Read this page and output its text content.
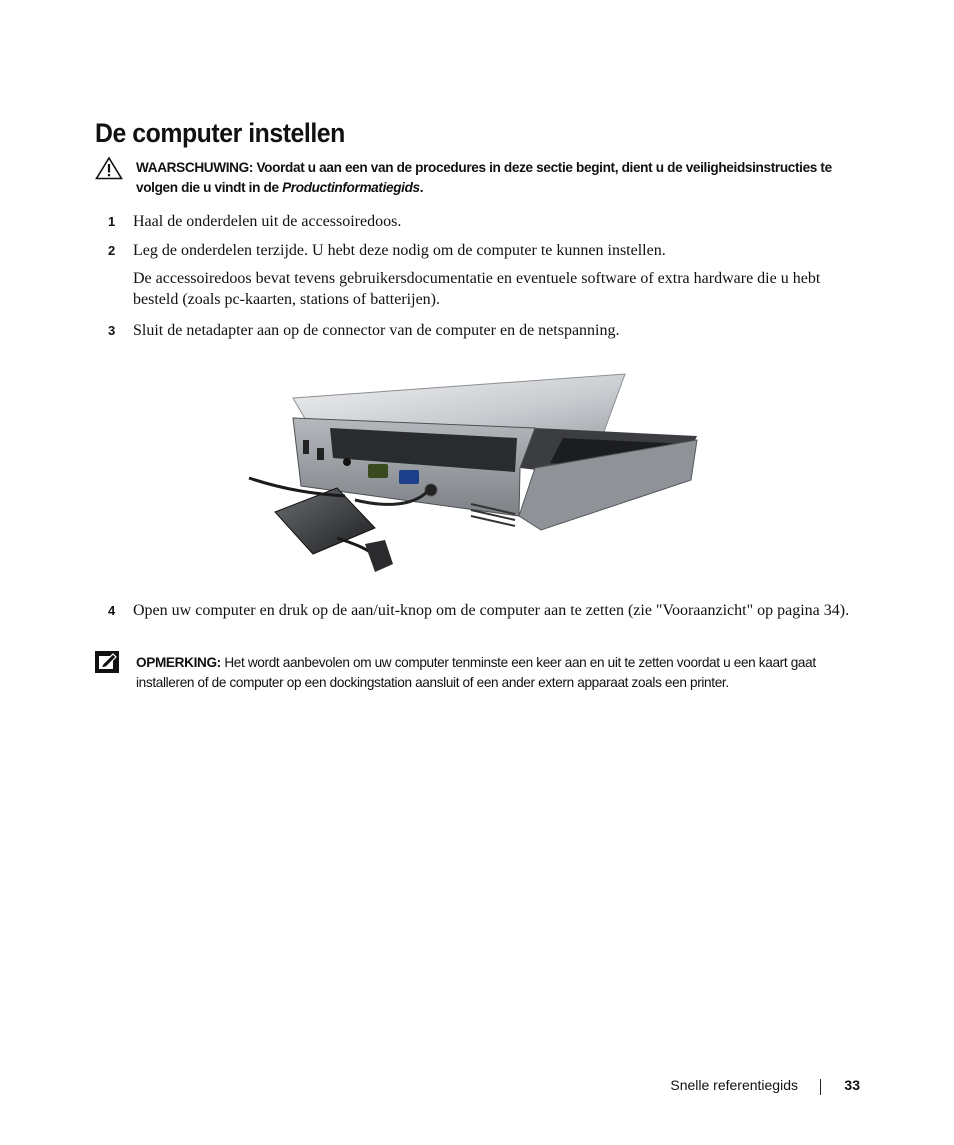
De computer instellen
WAARSCHUWING: Voordat u aan een van de procedures in deze sectie begint, dient u de veiligheidsinstructies te volgen die u vindt in de Productinformatiegids.
1 Haal de onderdelen uit de accessoiredoos.
2 Leg de onderdelen terzijde. U hebt deze nodig om de computer te kunnen instellen.
De accessoiredoos bevat tevens gebruikersdocumentatie en eventuele software of extra hardware die u hebt besteld (zoals pc-kaarten, stations of batterijen).
3 Sluit de netadapter aan op de connector van de computer en de netspanning.
4 Open uw computer en druk op de aan/uit-knop om de computer aan te zetten (zie "Vooraanzicht" op pagina 34).
OPMERKING: Het wordt aanbevolen om uw computer tenminste een keer aan en uit te zetten voordat u een kaart gaat installeren of de computer op een dockingstation aansluit of een ander extern apparaat zoals een printer.
Snelle referentiegids	33
